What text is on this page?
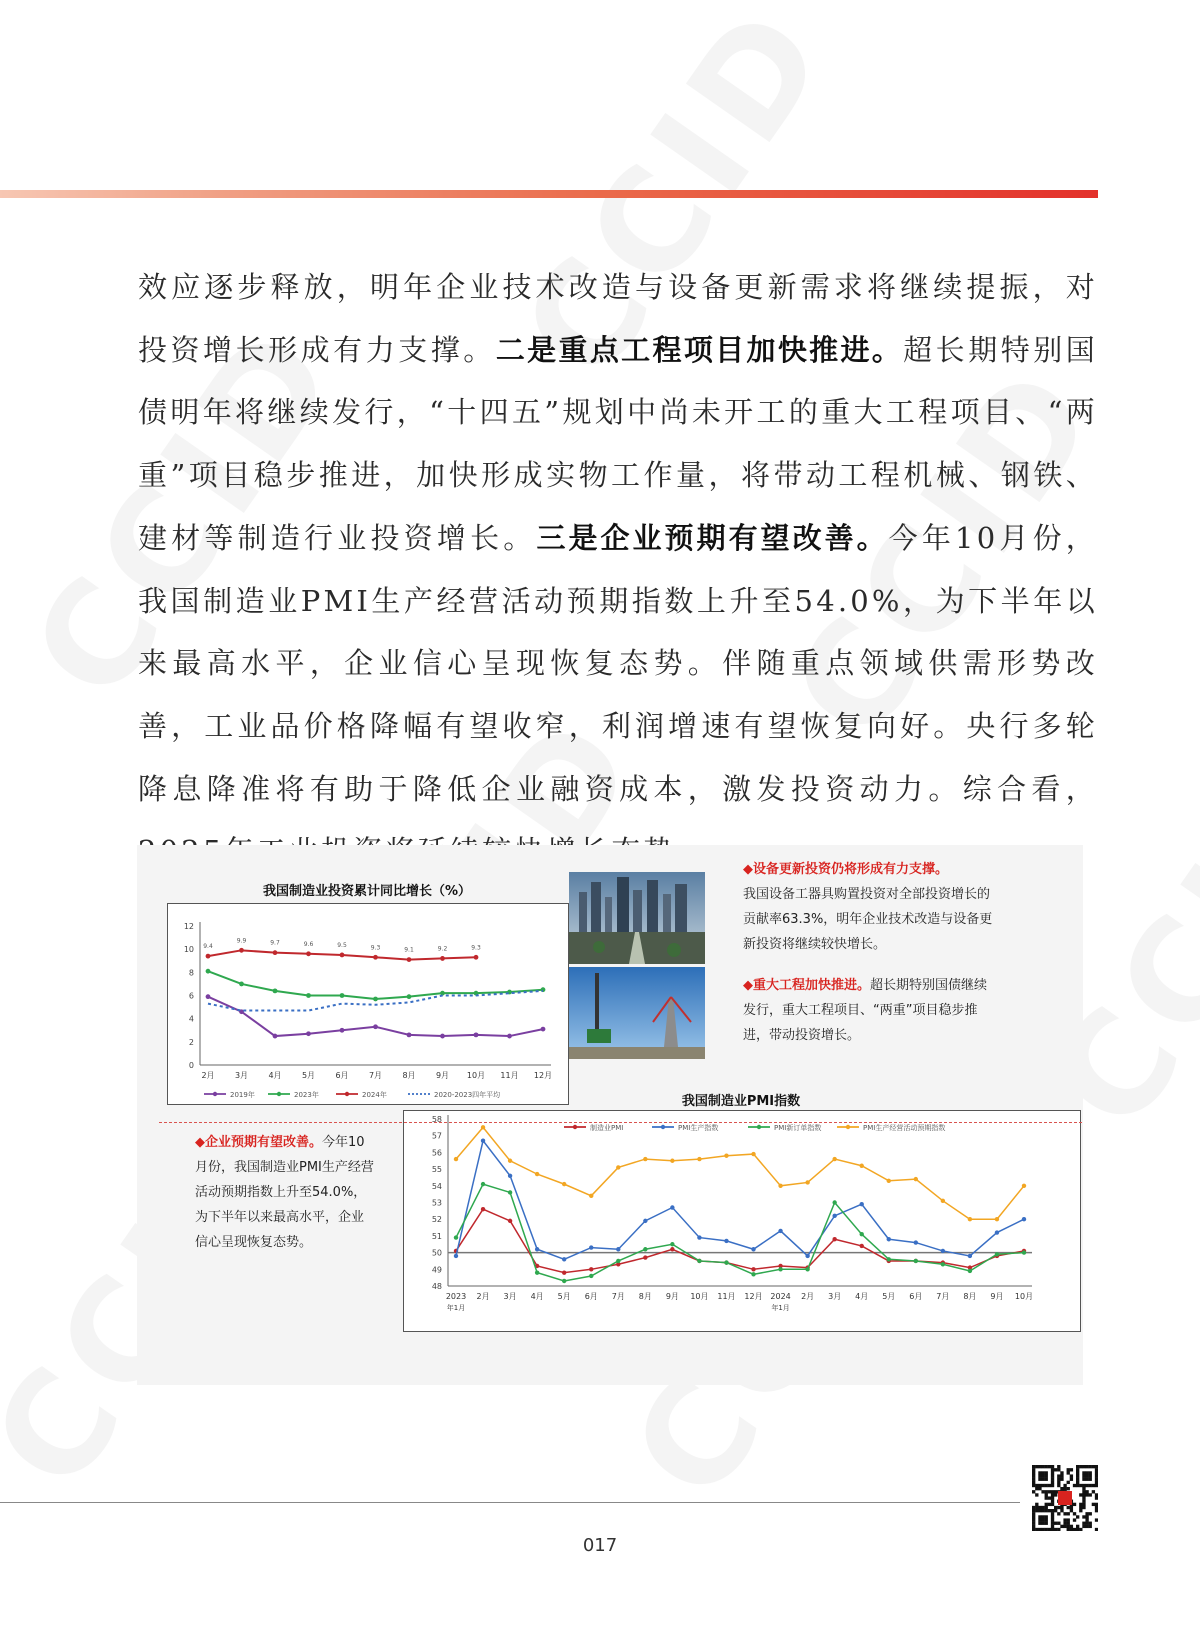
效应逐步释放，明年企业技术改造与设备更新需求将继续提振，对投资增长形成有力支撑。二是重点工程项目加快推进。超长期特别国债明年将继续发行，“十四五”规划中尚未开工的重大工程项目、“两重”项目稳步推进，加快形成实物工作量，将带动工程机械、钢铁、建材等制造行业投资增长。三是企业预期有望改善。今年10月份，我国制造业PMI生产经营活动预期指数上升至54.0%，为下半年以来最高水平，企业信心呈现恢复态势。伴随重点领域供需形势改善，工业品价格降幅有望收窄，利润增速有望恢复向好。央行多轮降息降准将有助于降低企业融资成本，激发投资动力。综合看，
我国制造业投资累计同比增长（%）
0
2
4
6
8
10
12
2月	3月	4月	5月	6月	7月	8月	9月 10月 11月 12月
9.4
9.9	9.7	9.6	9.5	9.3	9.1	9.2	9.3
2019年	2023年	2024年	2020-2023四年平均
◆设备更新投资仍将形成有力支撑。
我国设备工器具购置投资对全部投资增长的贡献率63.3%，明年企业技术改造与设备更新投资将继续较快增长。
◆重大工程加快推进。超长期特别国债继续发行，重大工程项目、“两重”项目稳步推进，带动投资增长。
◆企业预期有望改善。今年10月份，我国制造业PMI生产经营活动预期指数上升至54.0%，为下半年以来最高水平，企业信心呈现恢复态势。
我国制造业PMI指数
48
49
50
51
52
53
54
55
56
57
58
2023
年1月
2月 3月 4月 5月 6月 7月 8月 9月 10月 11月 12月 2024
年1月
2月 3月 4月 5月 6月 7月 8月 9月 10月
制造业PMI	PMI生产指数	PMI新订单指数	PMI生产经营活动预期指数
017
